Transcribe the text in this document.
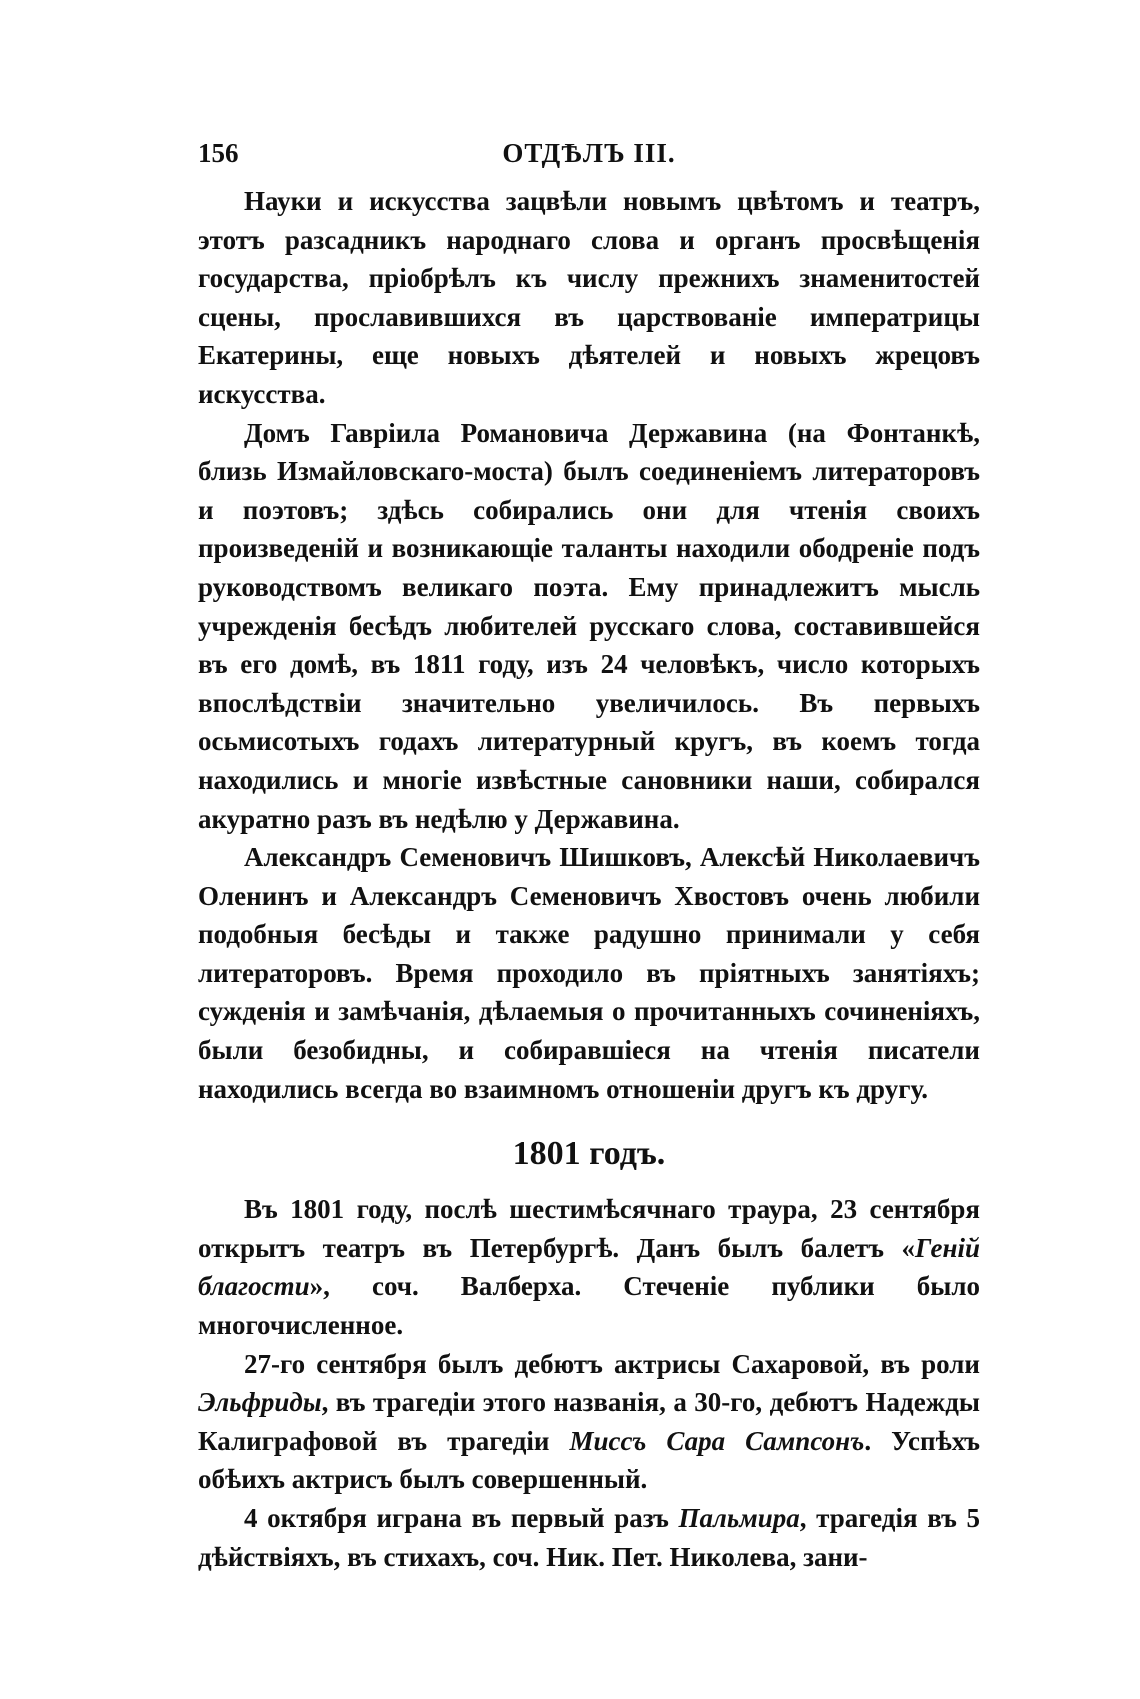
156	ОТДѢЛЪ III.

Науки и искусства зацвѣли новымъ цвѣтомъ и театръ, этотъ разсадникъ народнаго слова и органъ просвѣщенія государства, пріобрѣлъ къ числу прежнихъ знаменитостей сцены, прославившихся въ царствованіе императрицы Екатерины, еще новыхъ дѣятелей и новыхъ жрецовъ искусства.

Домъ Гаврiила Романовича Державина (на Фонтанкѣ, близь Измайловскаго-моста) былъ соединеніемъ литераторовъ и поэтовъ; здѣсь собирались они для чтенія своихъ произведеній и возникающіе таланты находили ободреніе подъ руководствомъ великаго поэта. Ему принадлежитъ мысль учрежденія бесѣдъ любителей русскаго слова, составившейся въ его домѣ, въ 1811 году, изъ 24 человѣкъ, число которыхъ впослѣдствіи значительно увеличилось. Въ первыхъ осьмисотыхъ годахъ литературный кругъ, въ коемъ тогда находились и многіе извѣстные сановники наши, собирался акуратно разъ въ недѣлю у Державина.

Александръ Семеновичъ Шишковъ, Алексѣй Николаевичъ Оленинъ и Александръ Семеновичъ Хвостовъ очень любили подобныя бесѣды и также радушно принимали у себя литераторовъ. Время проходило въ пріятныхъ занятіяхъ; сужденія и замѣчанія, дѣлаемыя о прочитанныхъ сочиненіяхъ, были безобидны, и собиравшіеся на чтенія писатели находились всегда во взаимномъ отношеніи другъ къ другу.

1801 годъ.

Въ 1801 году, послѣ шестимѣсячнаго траура, 23 сентября открытъ театръ въ Петербургѣ. Данъ былъ балетъ «Геній благости», соч. Валберха. Стеченіе публики было многочисленное.

27-го сентября былъ дебютъ актрисы Сахаровой, въ роли Эльфриды, въ трагедіи этого названія, а 30-го, дебютъ Надежды Калиграфовой въ трагедіи Миссъ Сара Сампсонъ. Успѣхъ обѣихъ актрисъ былъ совершенный.

4 октября играна въ первый разъ Пальмира, трагедія въ 5 дѣйствіяхъ, въ стихахъ, соч. Ник. Пет. Николева, зани-
